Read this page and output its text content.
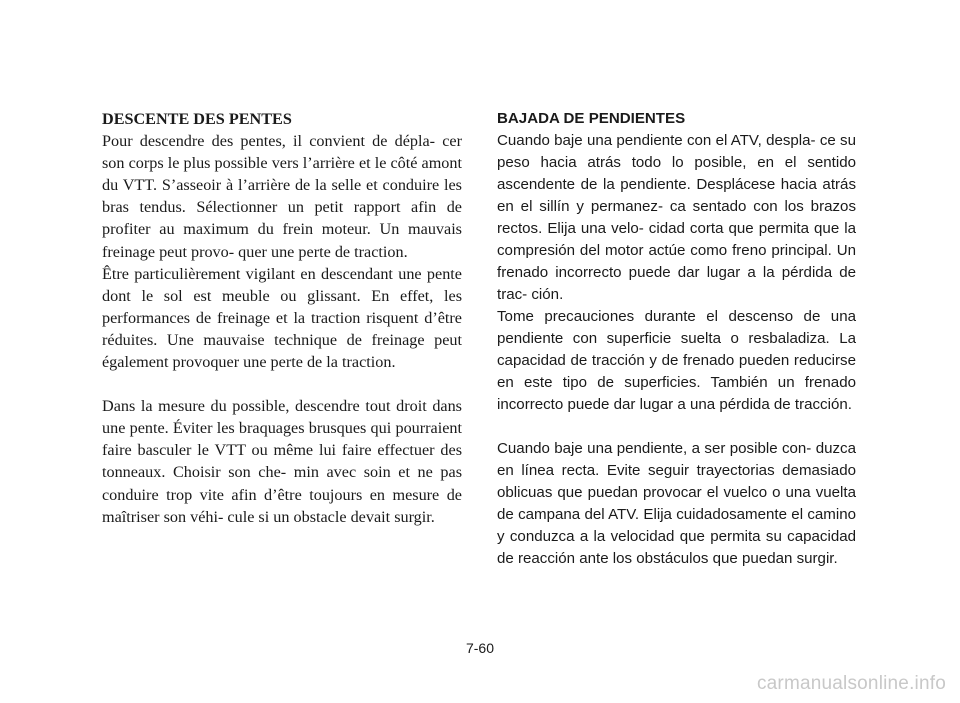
DESCENTE DES PENTES

Pour descendre des pentes, il convient de dépla- cer son corps le plus possible vers l’arrière et le côté amont du VTT. S’asseoir à l’arrière de la selle et conduire les bras tendus. Sélectionner un petit rapport afin de profiter au maximum du frein moteur. Un mauvais freinage peut provo- quer une perte de traction.

Être particulièrement vigilant en descendant une pente dont le sol est meuble ou glissant. En effet, les performances de freinage et la traction risquent d’être réduites. Une mauvaise technique de freinage peut également provoquer une perte de la traction.

Dans la mesure du possible, descendre tout droit dans une pente. Éviter les braquages brusques qui pourraient faire basculer le VTT ou même lui faire effectuer des tonneaux. Choisir son che- min avec soin et ne pas conduire trop vite afin d’être toujours en mesure de maîtriser son véhi- cule si un obstacle devait surgir.

BAJADA DE PENDIENTES

Cuando baje una pendiente con el ATV, despla- ce su peso hacia atrás todo lo posible, en el sentido ascendente de la pendiente. Desplácese hacia atrás en el sillín y permanez- ca sentado con los brazos rectos. Elija una velo- cidad corta que permita que la compresión del motor actúe como freno principal. Un frenado incorrecto puede dar lugar a la pérdida de trac- ción.

Tome precauciones durante el descenso de una pendiente con superficie suelta o resbaladiza. La capacidad de tracción y de frenado pueden reducirse en este tipo de superficies. También un frenado incorrecto puede dar lugar a una pérdida de tracción.

Cuando baje una pendiente, a ser posible con- duzca en línea recta. Evite seguir trayectorias demasiado oblicuas que puedan provocar el vuelco o una vuelta de campana del ATV. Elija cuidadosamente el camino y conduzca a la velocidad que permita su capacidad de reacción ante los obstáculos que puedan surgir.

7-60
carmanualsonline.info
